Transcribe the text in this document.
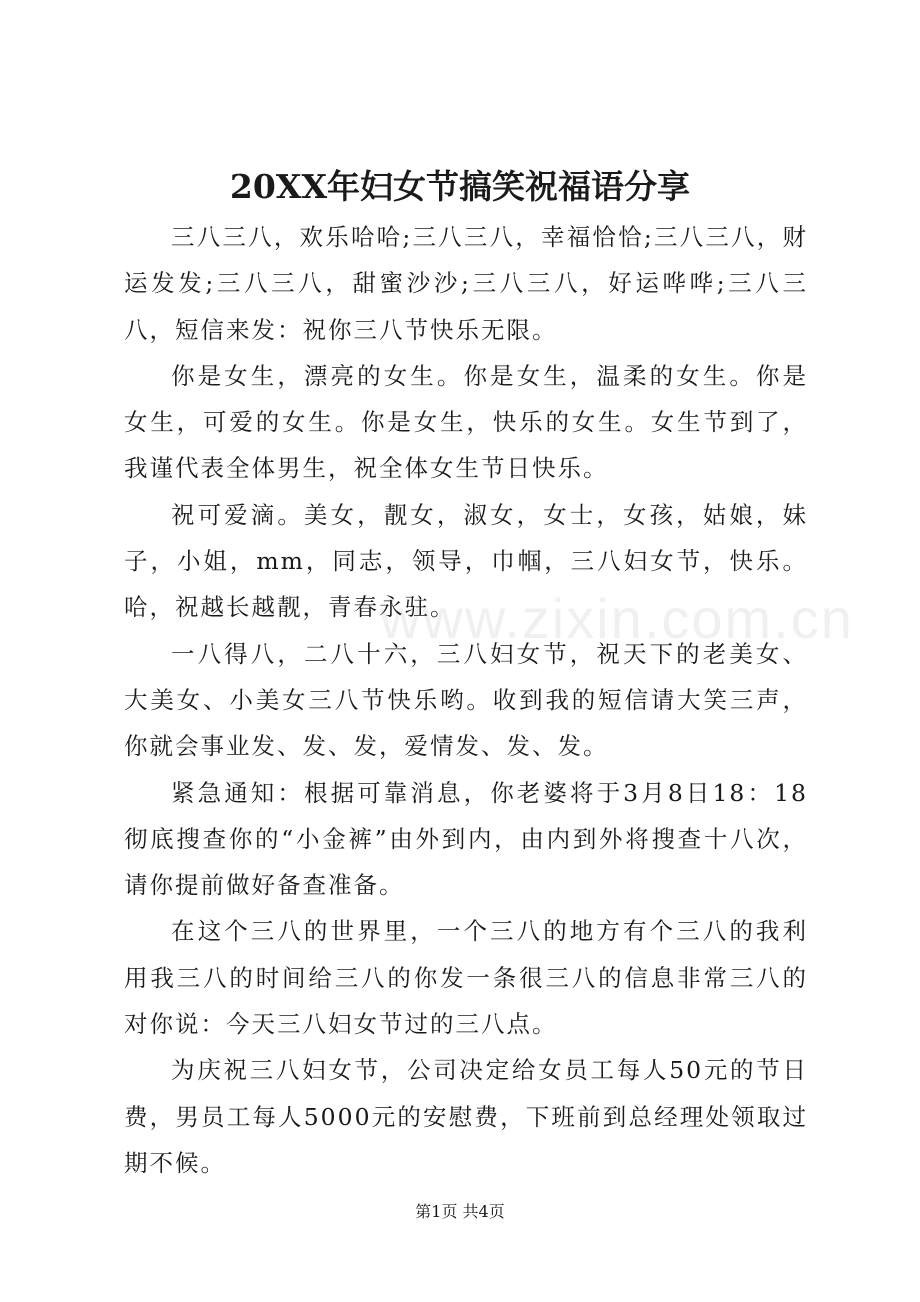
20XX年妇女节搞笑祝福语分享

三八三八，欢乐哈哈;三八三八，幸福恰恰;三八三八，财运发发;三八三八，甜蜜沙沙;三八三八，好运哗哗;三八三八，短信来发：祝你三八节快乐无限。

你是女生，漂亮的女生。你是女生，温柔的女生。你是女生，可爱的女生。你是女生，快乐的女生。女生节到了，我谨代表全体男生，祝全体女生节日快乐。

祝可爱滴。美女，靓女，淑女，女士，女孩，姑娘，妹子，小姐，mm，同志，领导，巾帼，三八妇女节，快乐。哈，祝越长越靓，青春永驻。

一八得八，二八十六，三八妇女节，祝天下的老美女、大美女、小美女三八节快乐哟。收到我的短信请大笑三声，你就会事业发、发、发，爱情发、发、发。

紧急通知：根据可靠消息，你老婆将于3月8日18：18彻底搜查你的“小金裤”由外到内，由内到外将搜查十八次，请你提前做好备查准备。

在这个三八的世界里，一个三八的地方有个三八的我利用我三八的时间给三八的你发一条很三八的信息非常三八的对你说：今天三八妇女节过的三八点。

为庆祝三八妇女节，公司决定给女员工每人50元的节日费，男员工每人5000元的安慰费，下班前到总经理处领取过期不候。

www.zixin.com.cn
第1页 共4页
